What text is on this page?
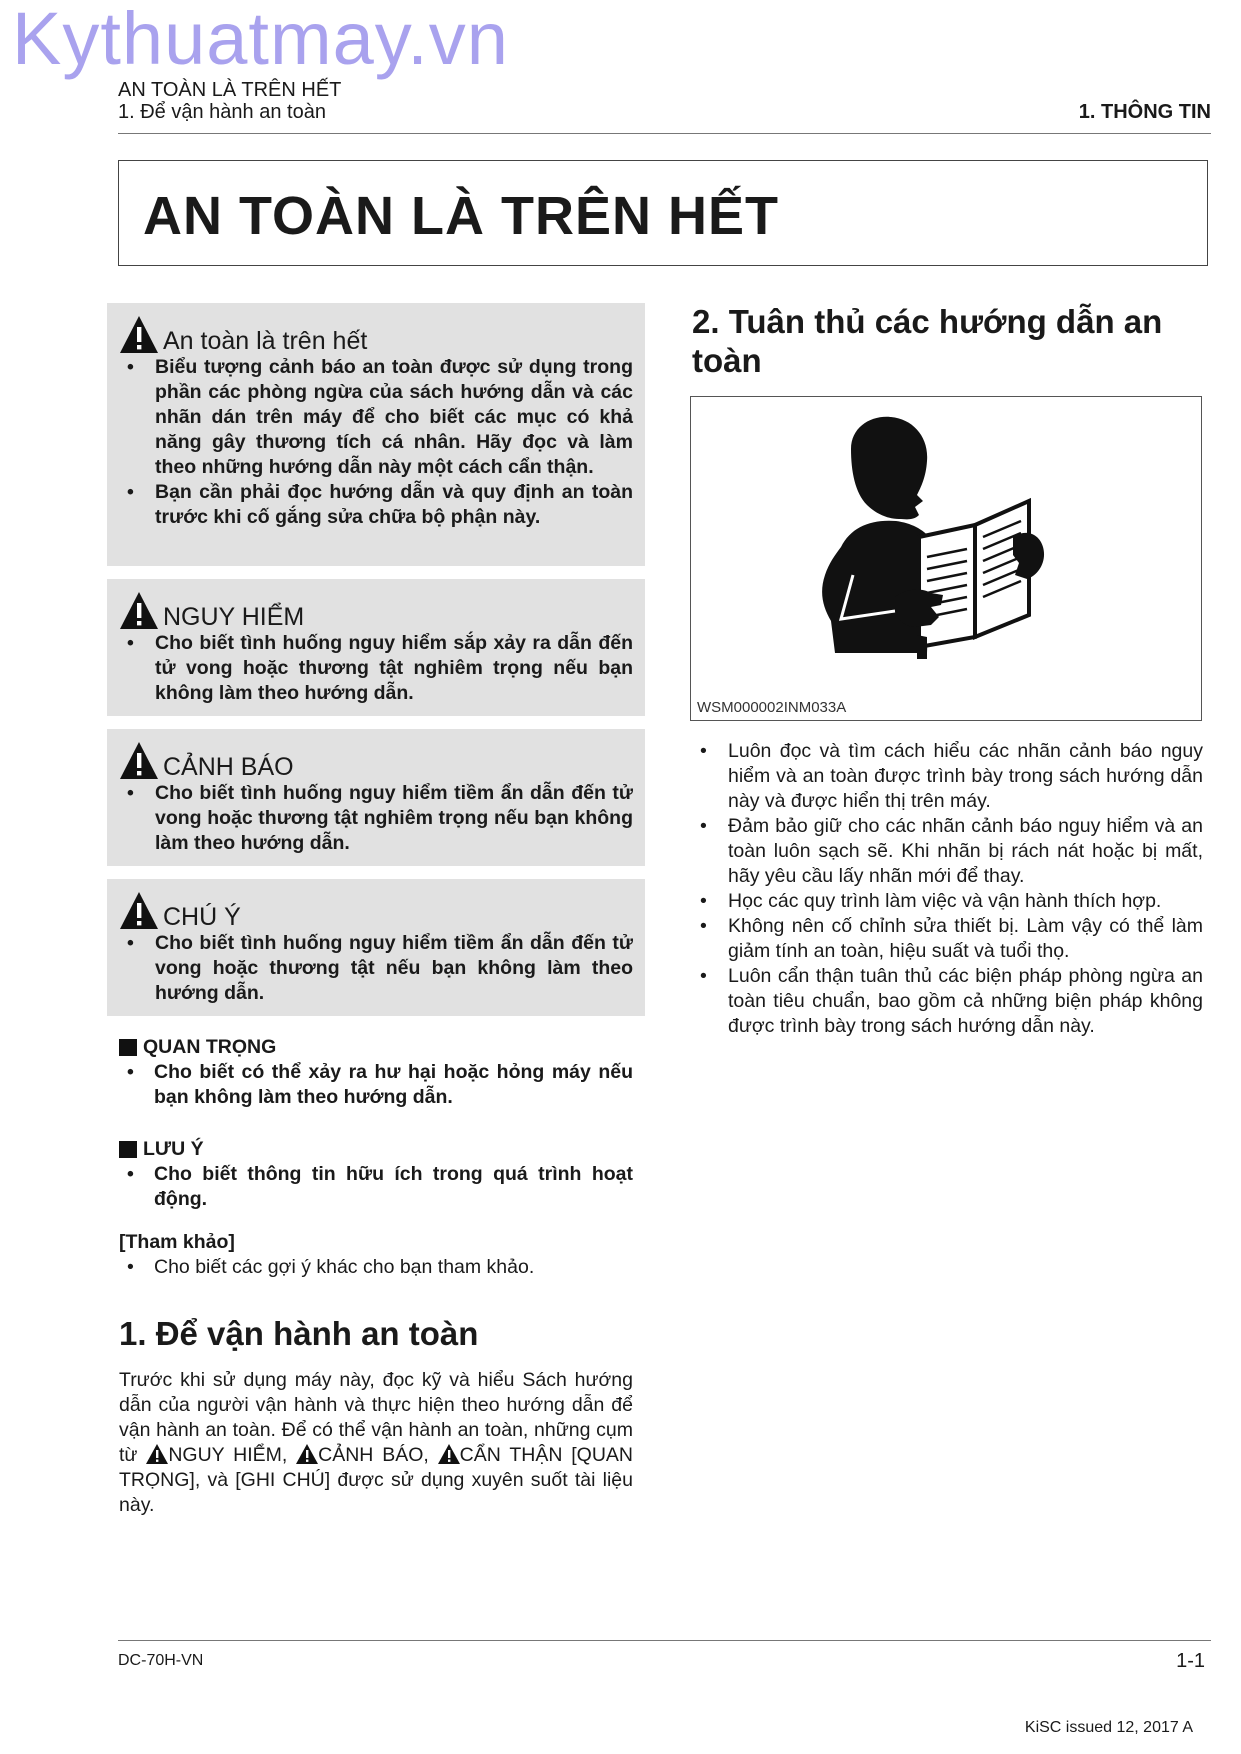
Kythuatmay.vn
AN TOÀN LÀ TRÊN HẾT
1. Để vận hành an toàn	1. THÔNG TIN
AN TOÀN LÀ TRÊN HẾT
An toàn là trên hết
• Biểu tượng cảnh báo an toàn được sử dụng trong phần các phòng ngừa của sách hướng dẫn và các nhãn dán trên máy để cho biết các mục có khả năng gây thương tích cá nhân. Hãy đọc và làm theo những hướng dẫn này một cách cẩn thận.
• Bạn cần phải đọc hướng dẫn và quy định an toàn trước khi cố gắng sửa chữa bộ phận này.
NGUY HIỂM
• Cho biết tình huống nguy hiểm sắp xảy ra dẫn đến tử vong hoặc thương tật nghiêm trọng nếu bạn không làm theo hướng dẫn.
CẢNH BÁO
• Cho biết tình huống nguy hiểm tiềm ẩn dẫn đến tử vong hoặc thương tật nghiêm trọng nếu bạn không làm theo hướng dẫn.
CHÚ Ý
• Cho biết tình huống nguy hiểm tiềm ẩn dẫn đến tử vong hoặc thương tật nếu bạn không làm theo hướng dẫn.
QUAN TRỌNG
• Cho biết có thể xảy ra hư hại hoặc hỏng máy nếu bạn không làm theo hướng dẫn.
LƯU Ý
• Cho biết thông tin hữu ích trong quá trình hoạt động.
[Tham khảo]
• Cho biết các gợi ý khác cho bạn tham khảo.
1. Để vận hành an toàn
Trước khi sử dụng máy này, đọc kỹ và hiểu Sách hướng dẫn của người vận hành và thực hiện theo hướng dẫn để vận hành an toàn. Để có thể vận hành an toàn, những cụm từ NGUY HIỂM, CẢNH BÁO, CẨN THẬN [QUAN TRỌNG], và [GHI CHÚ] được sử dụng xuyên suốt tài liệu này.
2. Tuân thủ các hướng dẫn an toàn
WSM000002INM033A
• Luôn đọc và tìm cách hiểu các nhãn cảnh báo nguy hiểm và an toàn được trình bày trong sách hướng dẫn này và được hiển thị trên máy.
• Đảm bảo giữ cho các nhãn cảnh báo nguy hiểm và an toàn luôn sạch sẽ. Khi nhãn bị rách nát hoặc bị mất, hãy yêu cầu lấy nhãn mới để thay.
• Học các quy trình làm việc và vận hành thích hợp.
• Không nên cố chỉnh sửa thiết bị. Làm vậy có thể làm giảm tính an toàn, hiệu suất và tuổi thọ.
• Luôn cẩn thận tuân thủ các biện pháp phòng ngừa an toàn tiêu chuẩn, bao gồm cả những biện pháp không được trình bày trong sách hướng dẫn này.
DC-70H-VN	1-1
KiSC issued 12, 2017 A
